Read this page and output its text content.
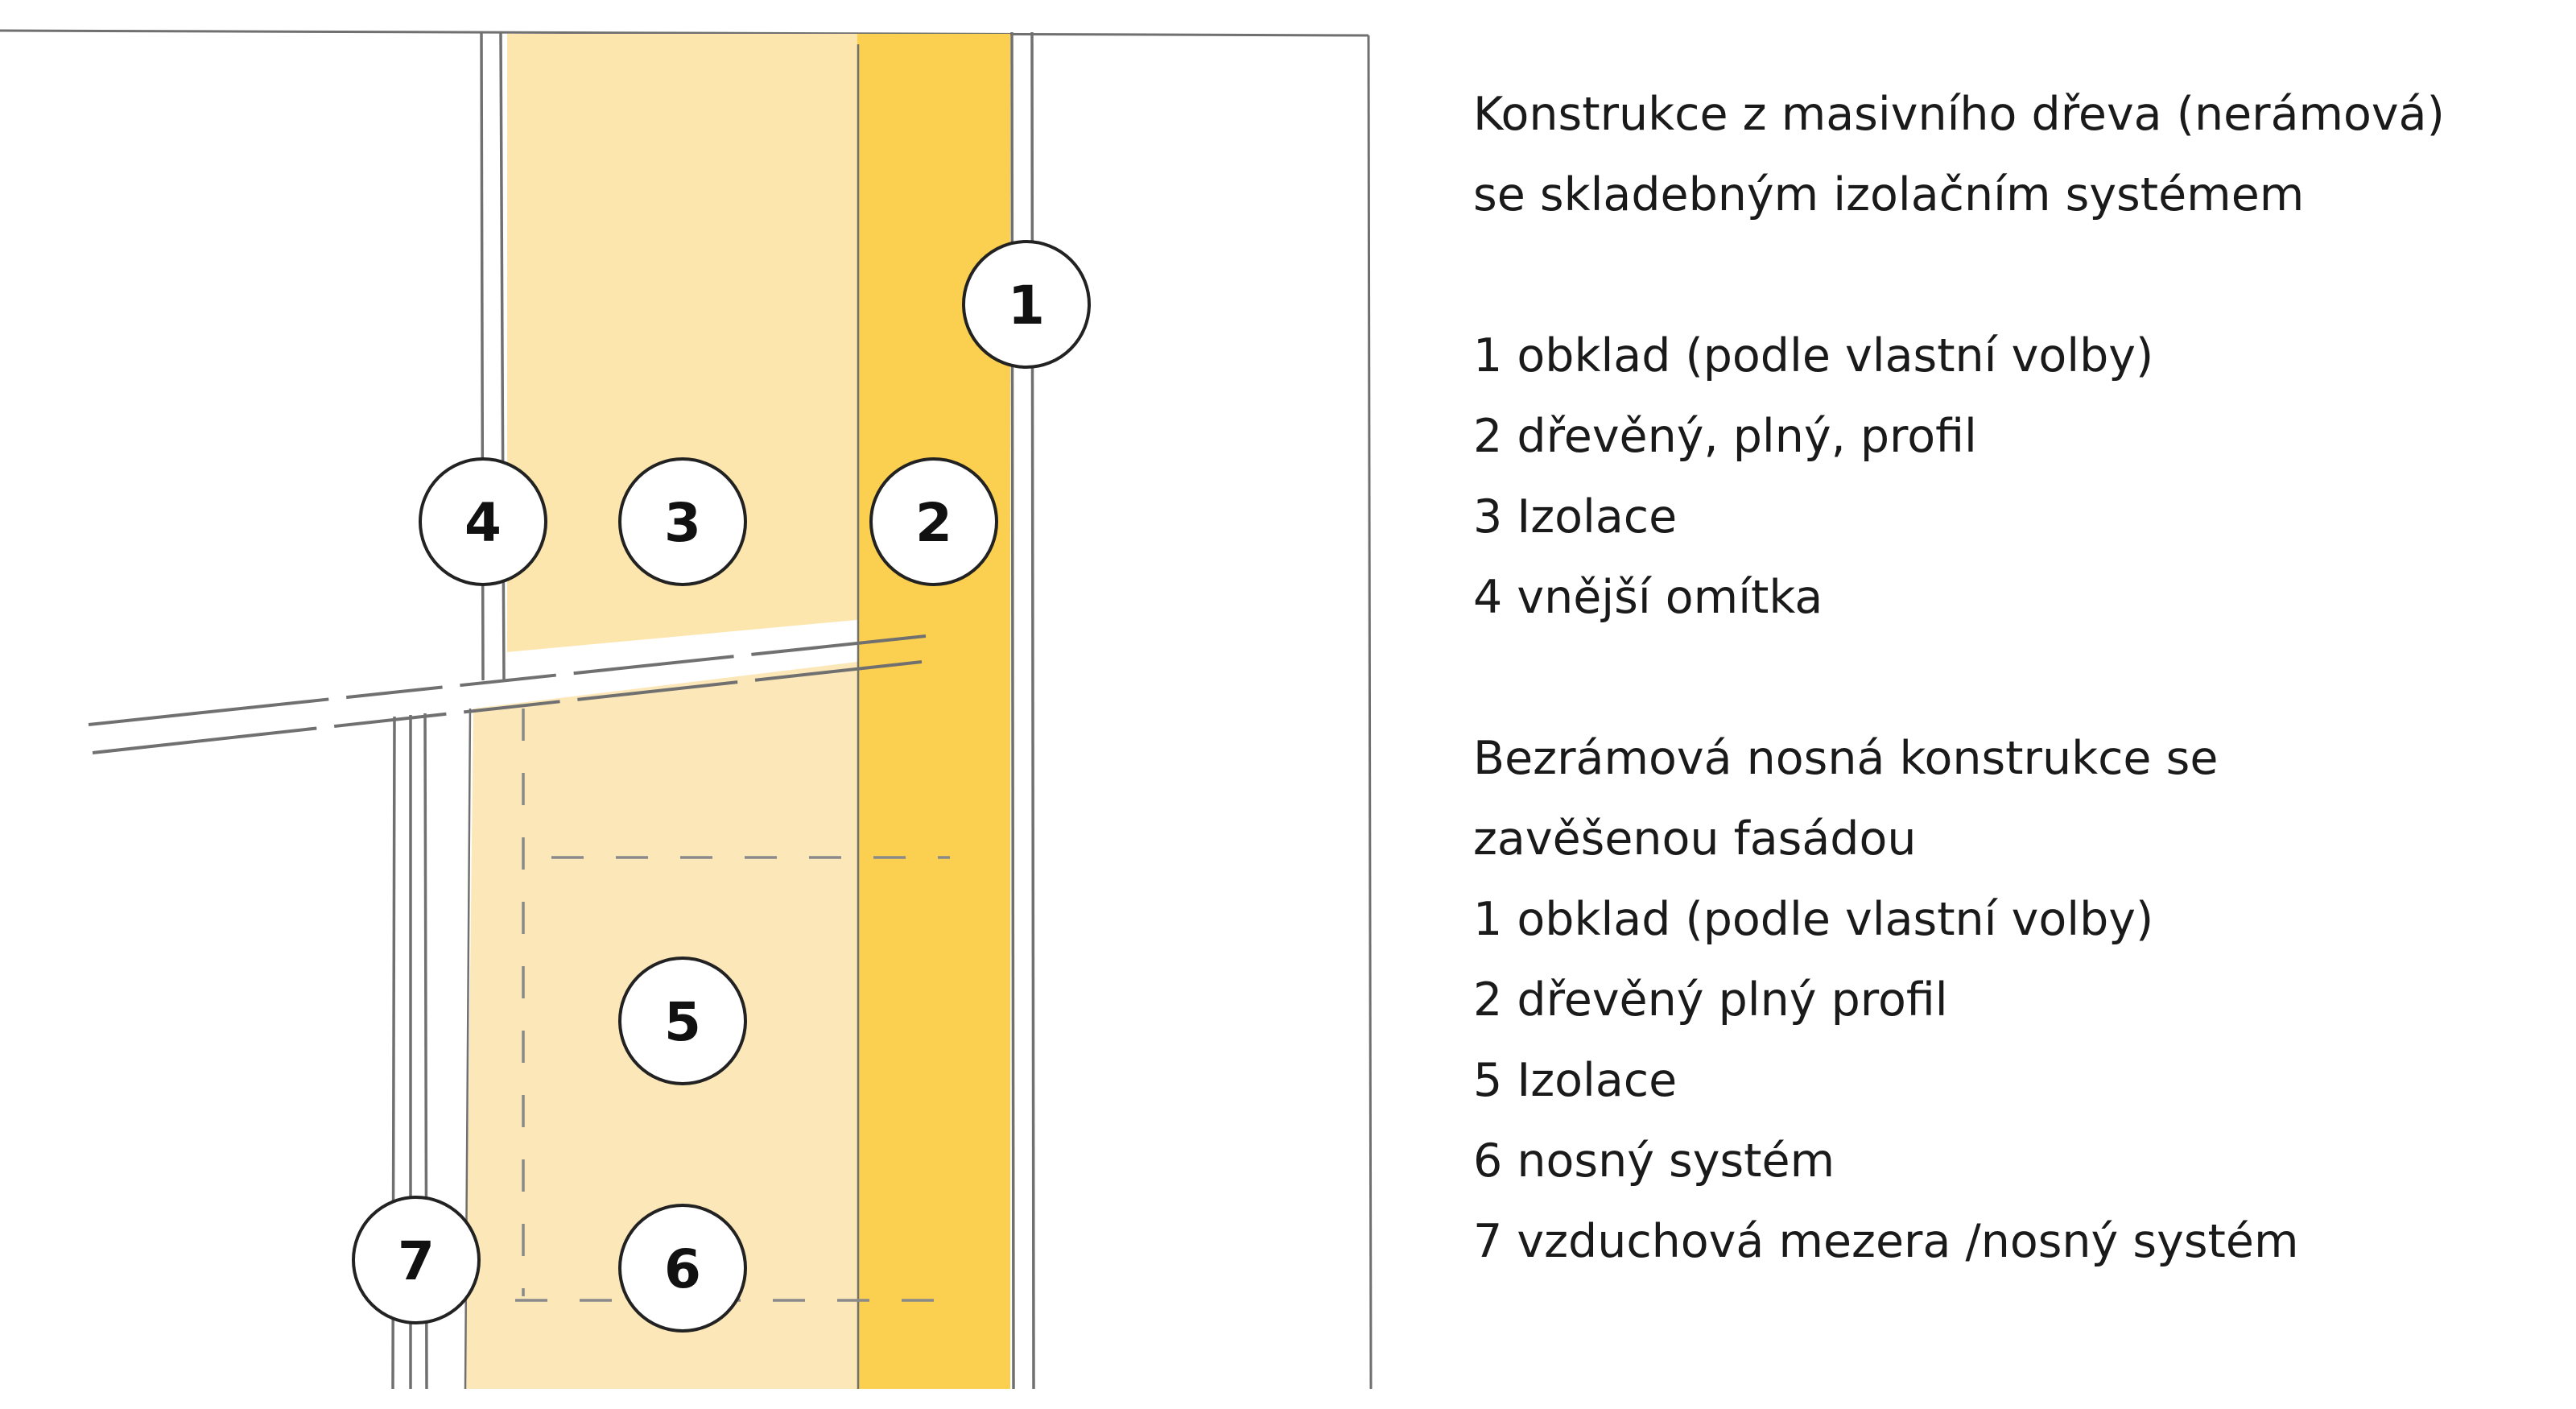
1
2
3
4
5
6
7

Konstrukce z masivního dřeva (nerámová)

se skladebným izolačním systémem

1 obklad (podle vlastní volby)

2 dřevěný, plný, profil

3 Izolace

4 vnější omítka

Bezrámová nosná konstrukce se

zavěšenou fasádou

1 obklad (podle vlastní volby)

2 dřevěný plný profil

5 Izolace

6 nosný systém

7 vzduchová mezera /nosný systém
